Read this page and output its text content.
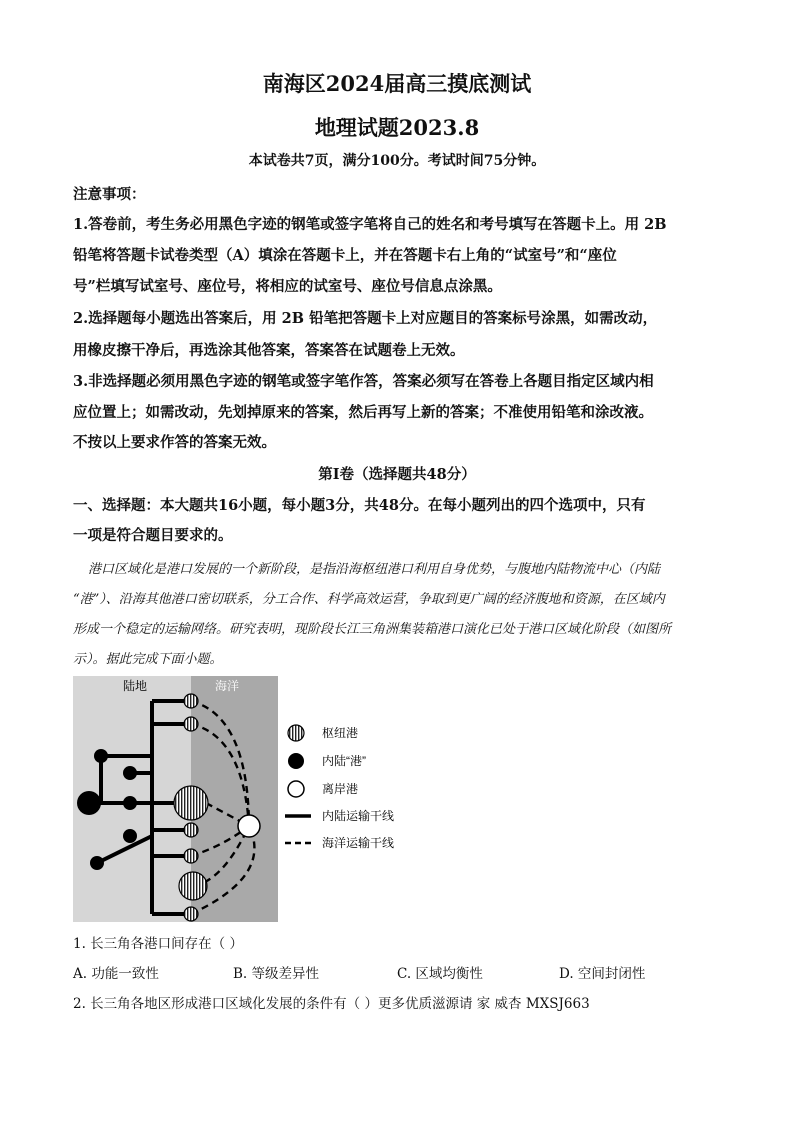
南海区2024届高三摸底测试
地理试题2023.8
本试卷共7页，满分100分。考试时间75分钟。
注意事项：
1.答卷前，考生务必用黑色字迹的钢笔或签字笔将自己的姓名和考号填写在答题卡上。用 2B
铅笔将答题卡试卷类型（A）填涂在答题卡上，并在答题卡右上角的“试室号”和“座位
号”栏填写试室号、座位号，将相应的试室号、座位号信息点涂黑。
2.选择题每小题选出答案后，用 2B 铅笔把答题卡上对应题目的答案标号涂黑，如需改动，
用橡皮擦干净后，再选涂其他答案，答案答在试题卷上无效。
3.非选择题必须用黑色字迹的钢笔或签字笔作答，答案必须写在答卷上各题目指定区域内相
应位置上；如需改动，先划掉原来的答案，然后再写上新的答案；不准使用铅笔和涂改液。
不按以上要求作答的答案无效。
第Ⅰ卷（选择题共48分）
一、选择题：本大题共16小题，每小题3分，共48分。在每小题列出的四个选项中，只有
一项是符合题目要求的。
港口区域化是港口发展的一个新阶段，是指沿海枢纽港口利用自身优势，与腹地内陆物流中心（内陆
“港”）、沿海其他港口密切联系，分工合作、科学高效运营，争取到更广阔的经济腹地和资源，在区域内
形成一个稳定的运输网络。研究表明，现阶段长江三角洲集装箱港口演化已处于港口区域化阶段（如图所
示）。据此完成下面小题。
陆地	海洋
枢纽港
内陆“港”
离岸港
内陆运输干线
海洋运输干线
1. 长三角各港口间存在（ ）
A. 功能一致性	B. 等级差异性	C. 区域均衡性	D. 空间封闭性
2. 长三角各地区形成港口区域化发展的条件有（ ）更多优质滋源请 家 威杏 MXSJ663
